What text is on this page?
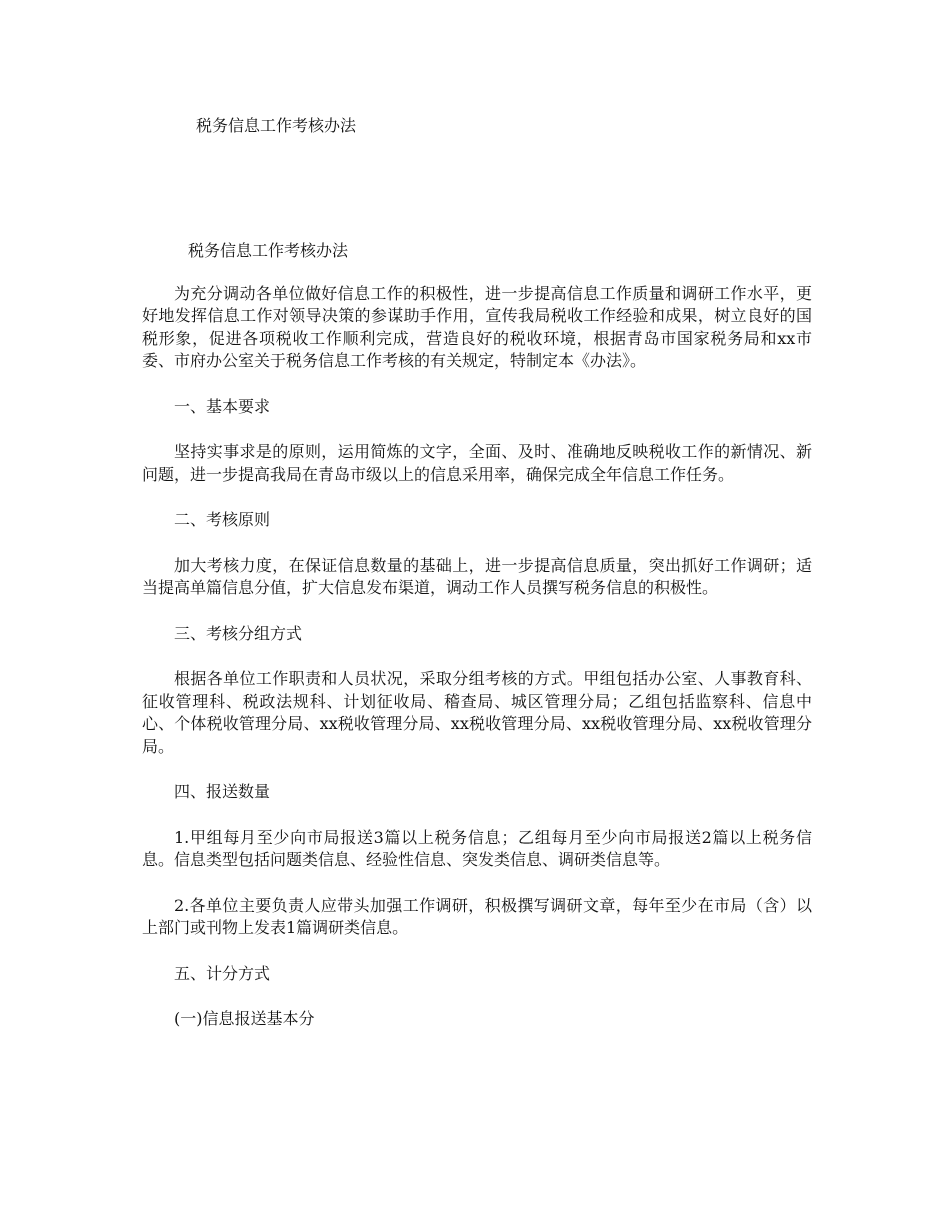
税务信息工作考核办法

税务信息工作考核办法

为充分调动各单位做好信息工作的积极性，进一步提高信息工作质量和调研工作水平，更好地发挥信息工作对领导决策的参谋助手作用，宣传我局税收工作经验和成果，树立良好的国税形象，促进各项税收工作顺利完成，营造良好的税收环境，根据青岛市国家税务局和xx市委、市府办公室关于税务信息工作考核的有关规定，特制定本《办法》。

一、基本要求

坚持实事求是的原则，运用简炼的文字，全面、及时、准确地反映税收工作的新情况、新问题，进一步提高我局在青岛市级以上的信息采用率，确保完成全年信息工作任务。

二、考核原则

加大考核力度，在保证信息数量的基础上，进一步提高信息质量，突出抓好工作调研；适当提高单篇信息分值，扩大信息发布渠道，调动工作人员撰写税务信息的积极性。

三、考核分组方式

根据各单位工作职责和人员状况，采取分组考核的方式。甲组包括办公室、人事教育科、征收管理科、税政法规科、计划征收局、稽查局、城区管理分局；乙组包括监察科、信息中心、个体税收管理分局、xx税收管理分局、xx税收管理分局、xx税收管理分局、xx税收管理分局。

四、报送数量

1.甲组每月至少向市局报送3篇以上税务信息；乙组每月至少向市局报送2篇以上税务信息。信息类型包括问题类信息、经验性信息、突发类信息、调研类信息等。

2.各单位主要负责人应带头加强工作调研，积极撰写调研文章，每年至少在市局（含）以上部门或刊物上发表1篇调研类信息。

五、计分方式

(一)信息报送基本分
